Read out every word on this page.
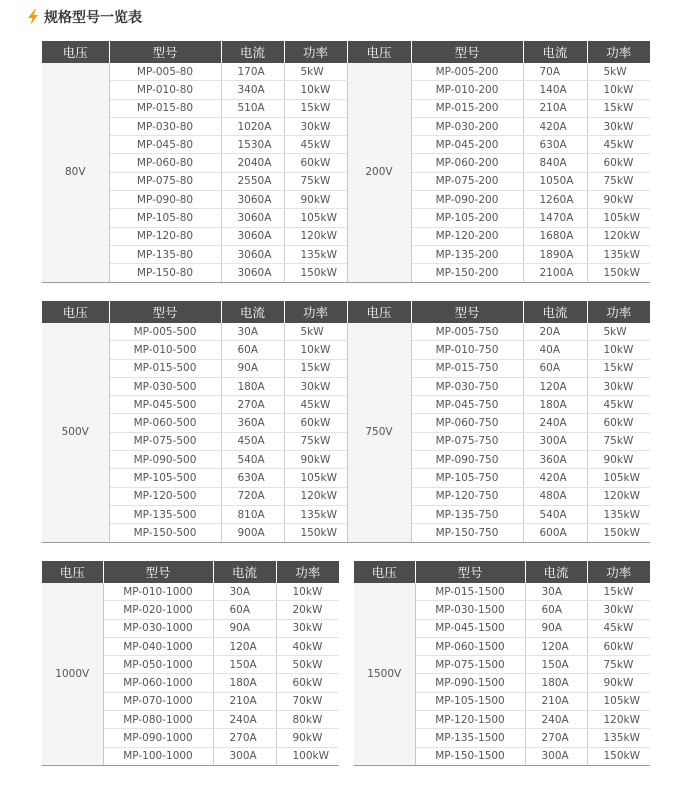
规格型号一览表
电压	型号	电流	功率	电压	型号	电流	功率
80V	MP-005-80	170A	5kW	200V	MP-005-200	70A	5kW
	MP-010-80	340A	10kW		MP-010-200	140A	10kW
	MP-015-80	510A	15kW		MP-015-200	210A	15kW
	MP-030-80	1020A	30kW		MP-030-200	420A	30kW
	MP-045-80	1530A	45kW		MP-045-200	630A	45kW
	MP-060-80	2040A	60kW		MP-060-200	840A	60kW
	MP-075-80	2550A	75kW		MP-075-200	1050A	75kW
	MP-090-80	3060A	90kW		MP-090-200	1260A	90kW
	MP-105-80	3060A	105kW		MP-105-200	1470A	105kW
	MP-120-80	3060A	120kW		MP-120-200	1680A	120kW
	MP-135-80	3060A	135kW		MP-135-200	1890A	135kW
	MP-150-80	3060A	150kW		MP-150-200	2100A	150kW
电压	型号	电流	功率	电压	型号	电流	功率
500V	MP-005-500	30A	5kW	750V	MP-005-750	20A	5kW
	MP-010-500	60A	10kW		MP-010-750	40A	10kW
	MP-015-500	90A	15kW		MP-015-750	60A	15kW
	MP-030-500	180A	30kW		MP-030-750	120A	30kW
	MP-045-500	270A	45kW		MP-045-750	180A	45kW
	MP-060-500	360A	60kW		MP-060-750	240A	60kW
	MP-075-500	450A	75kW		MP-075-750	300A	75kW
	MP-090-500	540A	90kW		MP-090-750	360A	90kW
	MP-105-500	630A	105kW		MP-105-750	420A	105kW
	MP-120-500	720A	120kW		MP-120-750	480A	120kW
	MP-135-500	810A	135kW		MP-135-750	540A	135kW
	MP-150-500	900A	150kW		MP-150-750	600A	150kW
电压	型号	电流	功率
1000V	MP-010-1000	30A	10kW
	MP-020-1000	60A	20kW
	MP-030-1000	90A	30kW
	MP-040-1000	120A	40kW
	MP-050-1000	150A	50kW
	MP-060-1000	180A	60kW
	MP-070-1000	210A	70kW
	MP-080-1000	240A	80kW
	MP-090-1000	270A	90kW
	MP-100-1000	300A	100kW
电压	型号	电流	功率
1500V	MP-015-1500	30A	15kW
	MP-030-1500	60A	30kW
	MP-045-1500	90A	45kW
	MP-060-1500	120A	60kW
	MP-075-1500	150A	75kW
	MP-090-1500	180A	90kW
	MP-105-1500	210A	105kW
	MP-120-1500	240A	120kW
	MP-135-1500	270A	135kW
	MP-150-1500	300A	150kW
